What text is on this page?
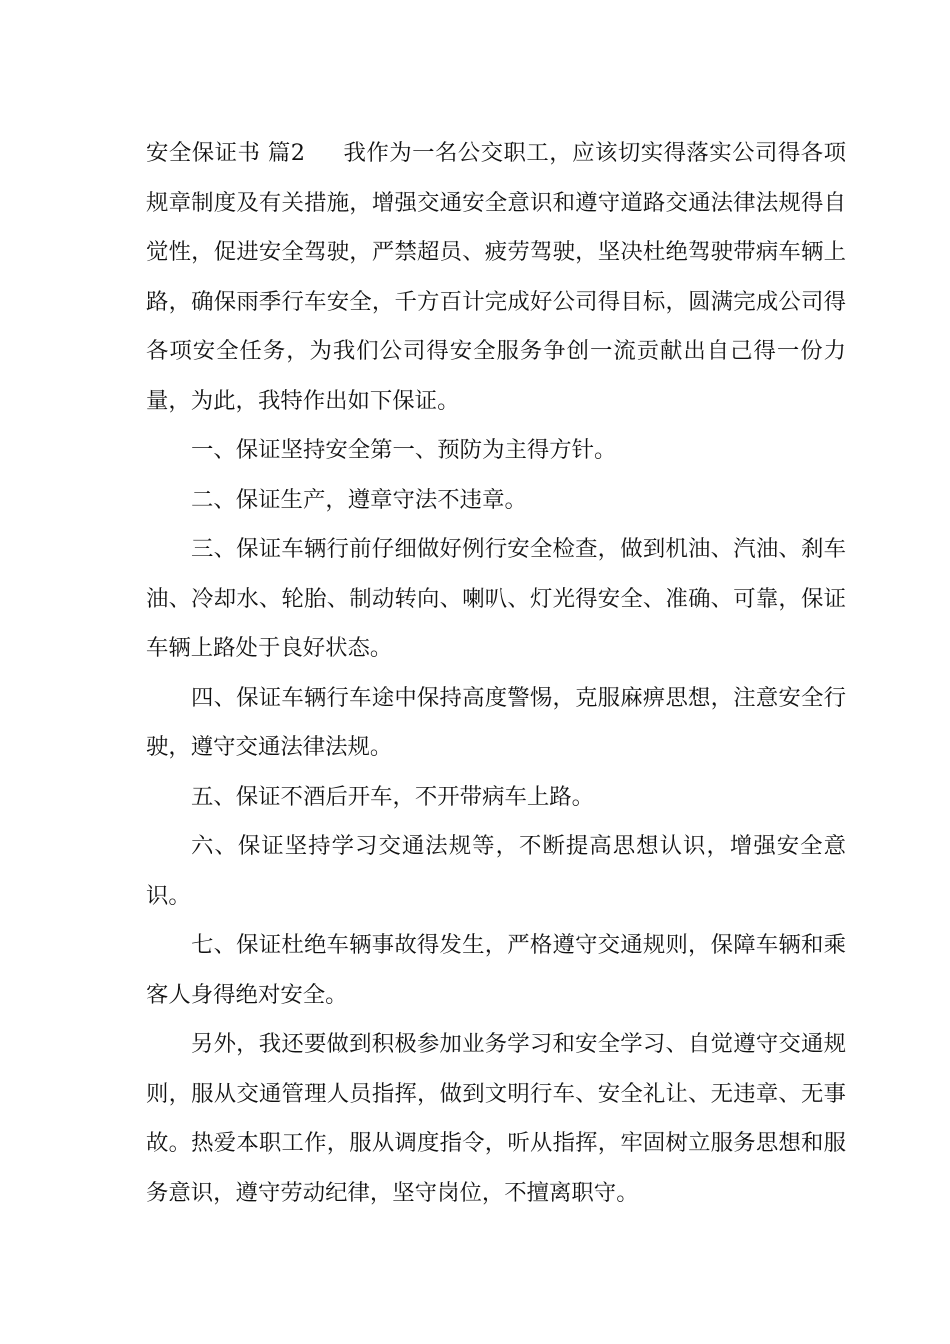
安全保证书 篇2 我作为一名公交职工，应该切实得落实公司得各项规章制度及有关措施，增强交通安全意识和遵守道路交通法律法规得自觉性，促进安全驾驶，严禁超员、疲劳驾驶，坚决杜绝驾驶带病车辆上路，确保雨季行车安全，千方百计完成好公司得目标，圆满完成公司得各项安全任务，为我们公司得安全服务争创一流贡献出自己得一份力量，为此，我特作出如下保证。

一、保证坚持安全第一、预防为主得方针。

二、保证生产，遵章守法不违章。

三、保证车辆行前仔细做好例行安全检查，做到机油、汽油、刹车油、冷却水、轮胎、制动转向、喇叭、灯光得安全、准确、可靠，保证车辆上路处于良好状态。

四、保证车辆行车途中保持高度警惕，克服麻痹思想，注意安全行驶，遵守交通法律法规。

五、保证不酒后开车，不开带病车上路。

六、保证坚持学习交通法规等，不断提高思想认识，增强安全意识。

七、保证杜绝车辆事故得发生，严格遵守交通规则，保障车辆和乘客人身得绝对安全。

另外，我还要做到积极参加业务学习和安全学习、自觉遵守交通规则，服从交通管理人员指挥，做到文明行车、安全礼让、无违章、无事故。热爱本职工作，服从调度指令，听从指挥，牢固树立服务思想和服务意识，遵守劳动纪律，坚守岗位，不擅离职守。
